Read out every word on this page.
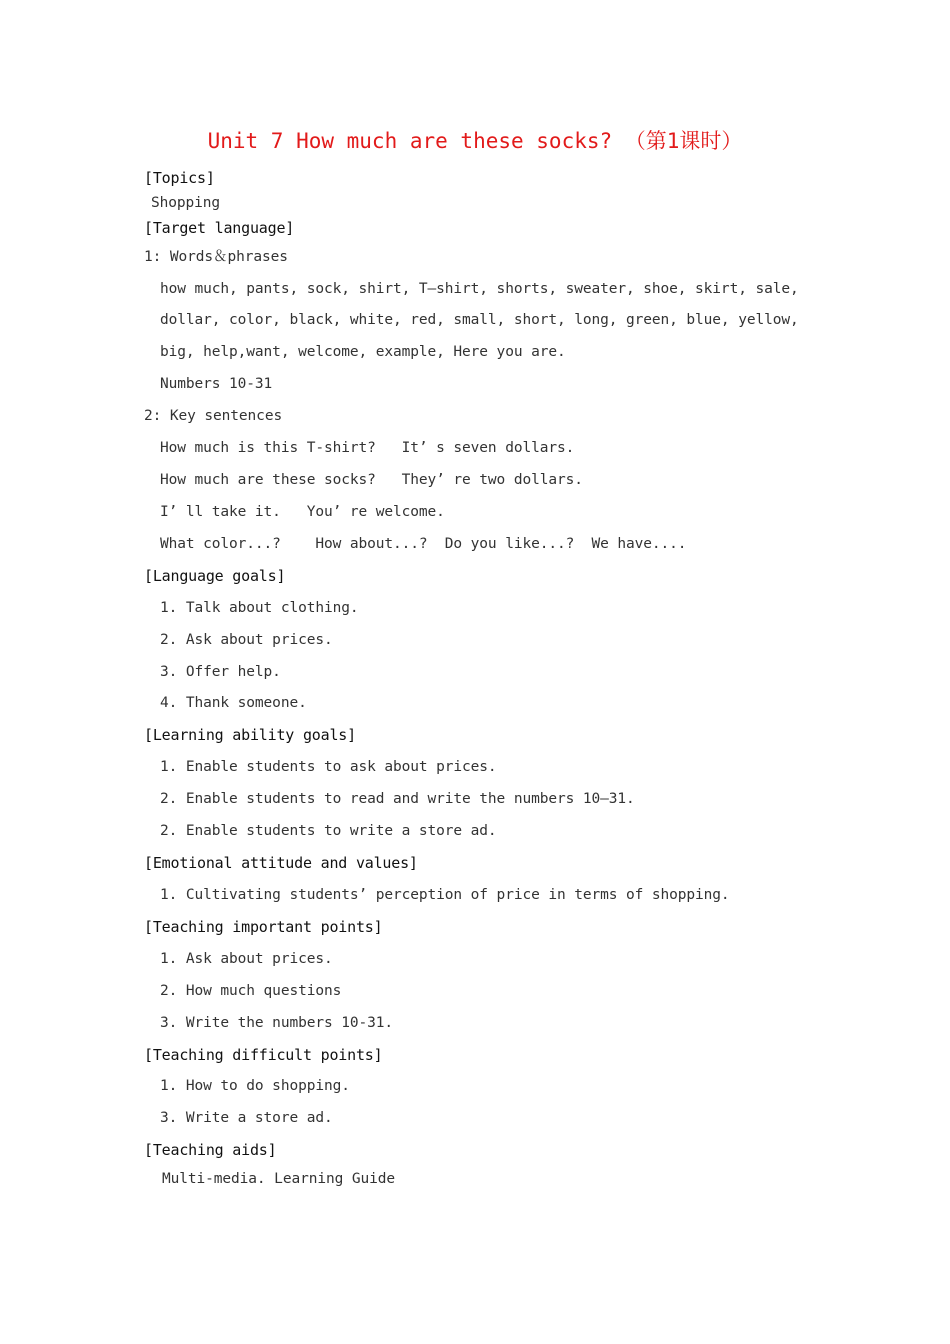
Unit 7 How much are these socks? （第1课时）
[Topics]
Shopping
[Target language]
1: Words＆phrases
how much, pants, sock, shirt, T—shirt, shorts, sweater, shoe, skirt, sale,
dollar, color, black, white, red, small, short, long, green, blue, yellow,
big, help,want, welcome, example, Here you are.
Numbers 10-31
2: Key sentences
How much is this T-shirt?   It’ s seven dollars.
How much are these socks?   They’ re two dollars.
I’ ll take it.   You’ re welcome.
What color...?    How about...?  Do you like...?  We have....
[Language goals]
1. Talk about clothing.
2. Ask about prices.
3. Offer help.
4. Thank someone.
[Learning ability goals]
1. Enable students to ask about prices.
2. Enable students to read and write the numbers 10—31.
2. Enable students to write a store ad.
[Emotional attitude and values]
1. Cultivating students’ perception of price in terms of shopping.
[Teaching important points]
1. Ask about prices.
2. How much questions
3. Write the numbers 10-31.
[Teaching difficult points]
1. How to do shopping.
3. Write a store ad.
[Teaching aids]
Multi-media. Learning Guide
